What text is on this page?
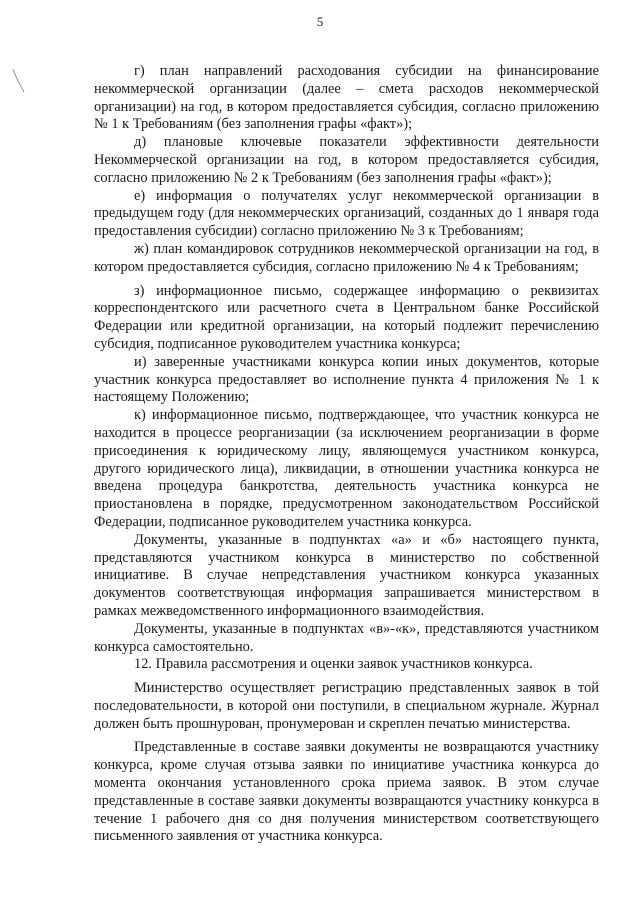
5

г) план направлений расходования субсидии на финансирование некоммерческой организации (далее – смета расходов некоммерческой организации) на год, в котором предоставляется субсидия, согласно приложению № 1 к Требованиям (без заполнения графы «факт»);

д) плановые ключевые показатели эффективности деятельности Некоммерческой организации на год, в котором предоставляется субсидия, согласно приложению № 2 к Требованиям (без заполнения графы «факт»);

е) информация о получателях услуг некоммерческой организации в предыдущем году (для некоммерческих организаций, созданных до 1 января года предоставления субсидии) согласно приложению № 3 к Требованиям;

ж) план командировок сотрудников некоммерческой организации на год, в котором предоставляется субсидия, согласно приложению № 4 к Требованиям;

з) информационное письмо, содержащее информацию о реквизитах корреспондентского или расчетного счета в Центральном банке Российской Федерации или кредитной организации, на который подлежит перечислению субсидия, подписанное руководителем участника конкурса;

и) заверенные участниками конкурса копии иных документов, которые участник конкурса предоставляет во исполнение пункта 4 приложения № 1 к настоящему Положению;

к) информационное письмо, подтверждающее, что участник конкурса не находится в процессе реорганизации (за исключением реорганизации в форме присоединения к юридическому лицу, являющемуся участником конкурса, другого юридического лица), ликвидации, в отношении участника конкурса не введена процедура банкротства, деятельность участника конкурса не приостановлена в порядке, предусмотренном законодательством Российской Федерации, подписанное руководителем участника конкурса.

Документы, указанные в подпунктах «а» и «б» настоящего пункта, представляются участником конкурса в министерство по собственной инициативе. В случае непредставления участником конкурса указанных документов соответствующая информация запрашивается министерством в рамках межведомственного информационного взаимодействия.

Документы, указанные в подпунктах «в»-«к», представляются участником конкурса самостоятельно.

12. Правила рассмотрения и оценки заявок участников конкурса.

Министерство осуществляет регистрацию представленных заявок в той последовательности, в которой они поступили, в специальном журнале. Журнал должен быть прошнурован, пронумерован и скреплен печатью министерства.

Представленные в составе заявки документы не возвращаются участнику конкурса, кроме случая отзыва заявки по инициативе участника конкурса до момента окончания установленного срока приема заявок. В этом случае представленные в составе заявки документы возвращаются участнику конкурса в течение 1 рабочего дня со дня получения министерством соответствующего письменного заявления от участника конкурса.
